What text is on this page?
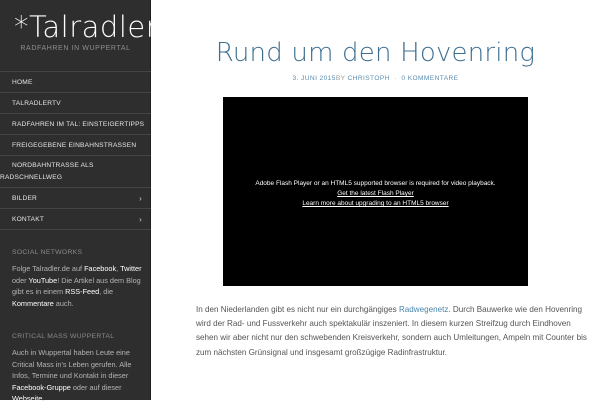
*Talradler
RADFAHREN IN WUPPERTAL
HOME
TALRADLERTV
RADFAHREN IM TAL: EINSTEIGERTIPPS
FREIGEGEBENE EINBAHNSTRASSEN
NORDBAHNTRASSE ALS
RADSCHNELLWEG
BILDER	›
KONTAKT	›
SOCIAL NETWORKS
Folge Talradler.de auf Facebook, Twitter oder YouTube! Die Artikel aus dem Blog gibt es in einem RSS-Feed, die Kommentare auch.
CRITICAL MASS WUPPERTAL
Auch in Wuppertal haben Leute eine Critical Mass in's Leben gerufen. Alle Infos, Termine und Kontakt in dieser Facebook-Gruppe oder auf dieser Webseite.
Rund um den Hovenring
3. JUNI 2015BY CHRISTOPH · 0 KOMMENTARE
Adobe Flash Player or an HTML5 supported browser is required for video playback.
Get the latest Flash Player
Learn more about upgrading to an HTML5 browser
In den Niederlanden gibt es nicht nur ein durchgängiges Radwegenetz. Durch Bauwerke wie den Hovenring wird der Rad- und Fussverkehr auch spektakulär inszeniert. In diesem kurzen Streifzug durch Eindhoven sehen wir aber nicht nur den schwebenden Kreisverkehr, sondern auch Umleitungen, Ampeln mit Counter bis zum nächsten Grünsignal und insgesamt großzügige Radinfrastruktur.
